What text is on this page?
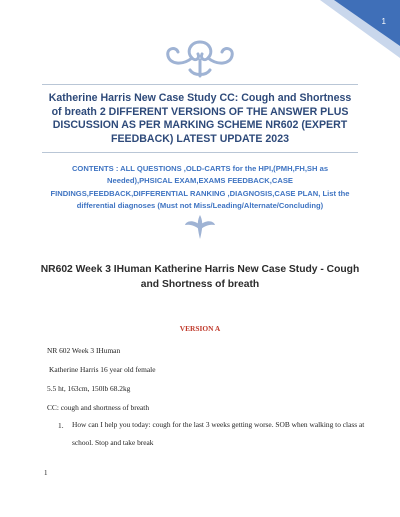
1
Katherine Harris New Case Study CC: Cough and Shortness of breath 2 DIFFERENT VERSIONS OF THE ANSWER PLUS DISCUSSION AS PER MARKING SCHEME NR602 (EXPERT FEEDBACK) LATEST UPDATE 2023
CONTENTS : ALL QUESTIONS ,OLD-CARTS for the HPI,(PMH,FH,SH as Needed),PHSICAL EXAM,EXAMS FEEDBACK,CASE FINDINGS,FEEDBACK,DIFFERENTIAL RANKING ,DIAGNOSIS,CASE PLAN, List the differential diagnoses (Must not Miss/Leading/Alternate/Concluding)
NR602 Week 3 IHuman Katherine Harris New Case Study - Cough and Shortness of breath
VERSION A
NR 602 Week 3 IHuman
Katherine Harris 16 year old female
5.5 ht, 163cm, 150lb 68.2kg
CC: cough and shortness of breath
1. How can I help you today: cough for the last 3 weeks getting worse. SOB when walking to class at school. Stop and take break
1
